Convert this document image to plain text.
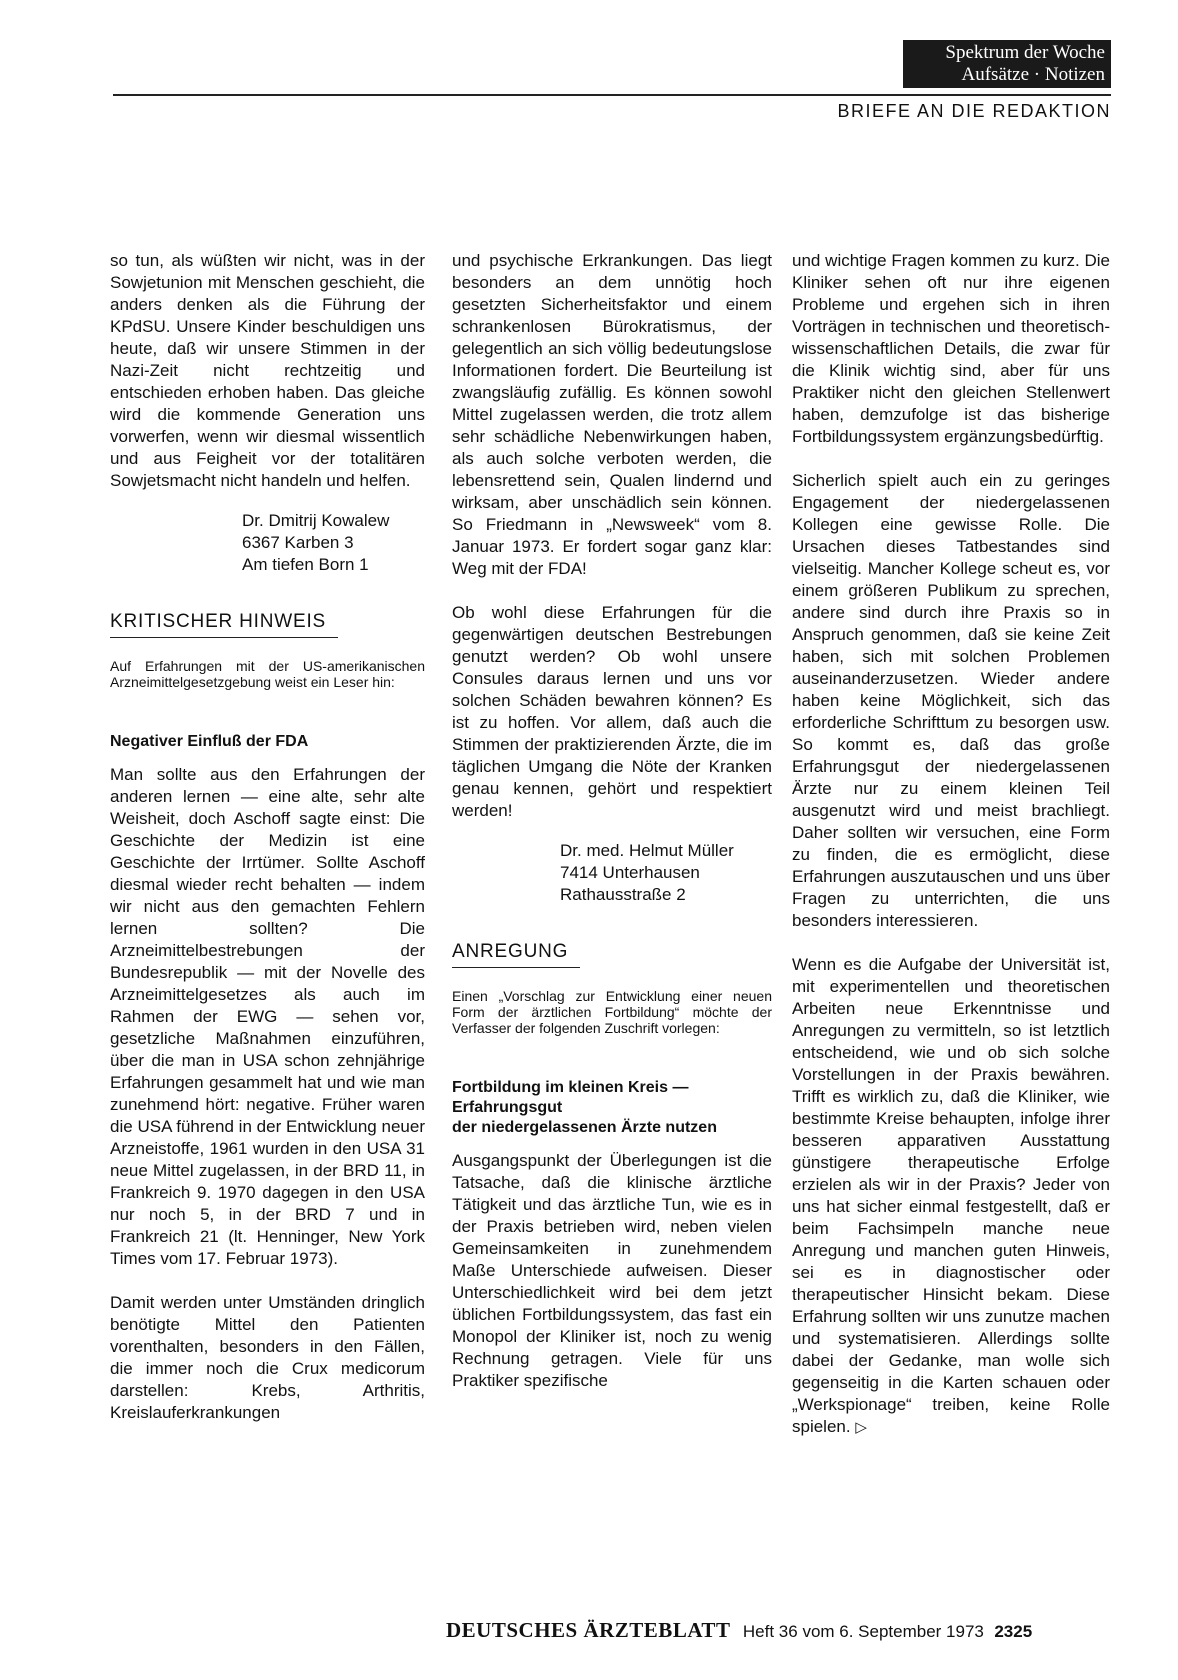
Spektrum der Woche
Aufsätze · Notizen
BRIEFE AN DIE REDAKTION

so tun, als wüßten wir nicht, was in der Sowjetunion mit Menschen geschieht, die anders denken als die Führung der KPdSU. Unsere Kinder beschuldigen uns heute, daß wir unsere Stimmen in der Nazi-Zeit nicht rechtzeitig und entschieden erhoben haben. Das gleiche wird die kommende Generation uns vorwerfen, wenn wir diesmal wissentlich und aus Feigheit vor der totalitären Sowjetsmacht nicht handeln und helfen.

Dr. Dmitrij Kowalew
6367 Karben 3
Am tiefen Born 1
KRITISCHER HINWEIS

Auf Erfahrungen mit der US-amerikanischen Arzneimittelgesetzgebung weist ein Leser hin:

Negativer Einfluß der FDA

Man sollte aus den Erfahrungen der anderen lernen — eine alte, sehr alte Weisheit, doch Aschoff sagte einst: Die Geschichte der Medizin ist eine Geschichte der Irrtümer. Sollte Aschoff diesmal wieder recht behalten — indem wir nicht aus den gemachten Fehlern lernen sollten? Die Arzneimittelbestrebungen der Bundesrepublik — mit der Novelle des Arzneimittelgesetzes als auch im Rahmen der EWG — sehen vor, gesetzliche Maßnahmen einzuführen, über die man in USA schon zehnjährige Erfahrungen gesammelt hat und wie man zunehmend hört: negative. Früher waren die USA führend in der Entwicklung neuer Arzneistoffe, 1961 wurden in den USA 31 neue Mittel zugelassen, in der BRD 11, in Frankreich 9. 1970 dagegen in den USA nur noch 5, in der BRD 7 und in Frankreich 21 (lt. Henninger, New York Times vom 17. Februar 1973).

Damit werden unter Umständen dringlich benötigte Mittel den Patienten vorenthalten, besonders in den Fällen, die immer noch die Crux medicorum darstellen: Krebs, Arthritis, Kreislauferkrankungen

und psychische Erkrankungen. Das liegt besonders an dem unnötig hoch gesetzten Sicherheitsfaktor und einem schrankenlosen Bürokratismus, der gelegentlich an sich völlig bedeutungslose Informationen fordert. Die Beurteilung ist zwangsläufig zufällig. Es können sowohl Mittel zugelassen werden, die trotz allem sehr schädliche Nebenwirkungen haben, als auch solche verboten werden, die lebensrettend sein, Qualen lindernd und wirksam, aber unschädlich sein können. So Friedmann in „Newsweek“ vom 8. Januar 1973. Er fordert sogar ganz klar: Weg mit der FDA!

Ob wohl diese Erfahrungen für die gegenwärtigen deutschen Bestrebungen genutzt werden? Ob wohl unsere Consules daraus lernen und uns vor solchen Schäden bewahren können? Es ist zu hoffen. Vor allem, daß auch die Stimmen der praktizierenden Ärzte, die im täglichen Umgang die Nöte der Kranken genau kennen, gehört und respektiert werden!

Dr. med. Helmut Müller
7414 Unterhausen
Rathausstraße 2
ANREGUNG

Einen „Vorschlag zur Entwicklung einer neuen Form der ärztlichen Fortbildung“ möchte der Verfasser der folgenden Zuschrift vorlegen:

Fortbildung im kleinen Kreis —
Erfahrungsgut
der niedergelassenen Ärzte nutzen

Ausgangspunkt der Überlegungen ist die Tatsache, daß die klinische ärztliche Tätigkeit und das ärztliche Tun, wie es in der Praxis betrieben wird, neben vielen Gemeinsamkeiten in zunehmendem Maße Unterschiede aufweisen. Dieser Unterschiedlichkeit wird bei dem jetzt üblichen Fortbildungssystem, das fast ein Monopol der Kliniker ist, noch zu wenig Rechnung getragen. Viele für uns Praktiker spezifische

und wichtige Fragen kommen zu kurz. Die Kliniker sehen oft nur ihre eigenen Probleme und ergehen sich in ihren Vorträgen in technischen und theoretisch-wissenschaftlichen Details, die zwar für die Klinik wichtig sind, aber für uns Praktiker nicht den gleichen Stellenwert haben, demzufolge ist das bisherige Fortbildungssystem ergänzungsbedürftig.

Sicherlich spielt auch ein zu geringes Engagement der niedergelassenen Kollegen eine gewisse Rolle. Die Ursachen dieses Tatbestandes sind vielseitig. Mancher Kollege scheut es, vor einem größeren Publikum zu sprechen, andere sind durch ihre Praxis so in Anspruch genommen, daß sie keine Zeit haben, sich mit solchen Problemen auseinanderzusetzen. Wieder andere haben keine Möglichkeit, sich das erforderliche Schrifttum zu besorgen usw. So kommt es, daß das große Erfahrungsgut der niedergelassenen Ärzte nur zu einem kleinen Teil ausgenutzt wird und meist brachliegt. Daher sollten wir versuchen, eine Form zu finden, die es ermöglicht, diese Erfahrungen auszutauschen und uns über Fragen zu unterrichten, die uns besonders interessieren.

Wenn es die Aufgabe der Universität ist, mit experimentellen und theoretischen Arbeiten neue Erkenntnisse und Anregungen zu vermitteln, so ist letztlich entscheidend, wie und ob sich solche Vorstellungen in der Praxis bewähren. Trifft es wirklich zu, daß die Kliniker, wie bestimmte Kreise behaupten, infolge ihrer besseren apparativen Ausstattung günstigere therapeutische Erfolge erzielen als wir in der Praxis? Jeder von uns hat sicher einmal festgestellt, daß er beim Fachsimpeln manche neue Anregung und manchen guten Hinweis, sei es in diagnostischer oder therapeutischer Hinsicht bekam. Diese Erfahrung sollten wir uns zunutze machen und systematisieren. Allerdings sollte dabei der Gedanke, man wolle sich gegenseitig in die Karten schauen oder „Werkspionage“ treiben, keine Rolle spielen. ▷

DEUTSCHES ÄRZTEBLATT Heft 36 vom 6. September 1973 2325
